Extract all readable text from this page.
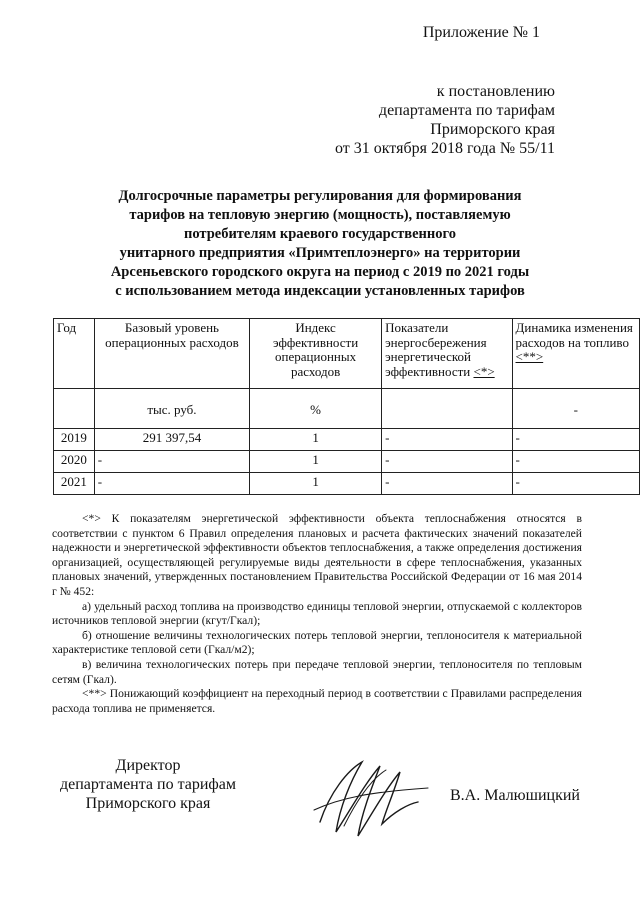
Приложение № 1
к постановлению
департамента по тарифам
Приморского края
от 31 октября 2018 года № 55/11
Долгосрочные параметры регулирования для формирования
тарифов на тепловую энергию (мощность), поставляемую
потребителям краевого государственного
унитарного предприятия «Примтеплоэнерго» на территории
Арсеньевского городского округа на период с 2019 по 2021 годы
с использованием метода индексации установленных тарифов
Год	Базовый уровень операционных расходов	Индекс эффективности операционных расходов	Показатели энергосбережения энергетической эффективности <*>	Динамика изменения расходов на топливо <**>
	тыс. руб.	%		-
2019	291 397,54	1	-	-
2020	-	1	-	-
2021	-	1	-	-

<*> К показателям энергетической эффективности объекта теплоснабжения относятся в соответствии с пунктом 6 Правил определения плановых и расчета фактических значений показателей надежности и энергетической эффективности объектов теплоснабжения, а также определения достижения организацией, осуществляющей регулируемые виды деятельности в сфере теплоснабжения, указанных плановых значений, утвержденных постановлением Правительства Российской Федерации от 16 мая 2014 г № 452:

а) удельный расход топлива на производство единицы тепловой энергии, отпускаемой с коллекторов источников тепловой энергии (кгут/Гкал);

б) отношение величины технологических потерь тепловой энергии, теплоносителя к материальной характеристике тепловой сети (Гкал/м2);

в) величина технологических потерь при передаче тепловой энергии, теплоносителя по тепловым сетям (Гкал).

<**> Понижающий коэффициент на переходный период в соответствии с Правилами распределения расхода топлива не применяется.

Директор
департамента по тарифам
Приморского края	В.А. Малюшицкий
